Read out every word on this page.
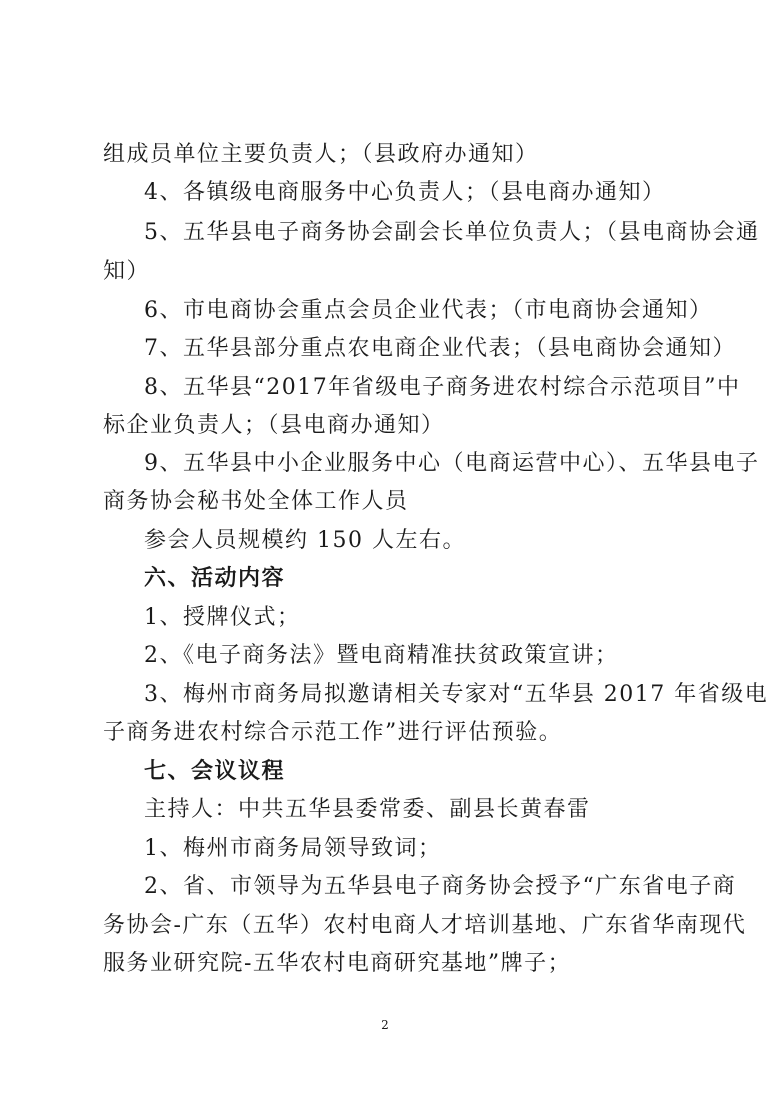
组成员单位主要负责人；（县政府办通知）
4、各镇级电商服务中心负责人；（县电商办通知）
5、五华县电子商务协会副会长单位负责人；（县电商协会通
知）
6、市电商协会重点会员企业代表；（市电商协会通知）
7、五华县部分重点农电商企业代表；（县电商协会通知）
8、五华县“2017年省级电子商务进农村综合示范项目”中
标企业负责人；（县电商办通知）
9、五华县中小企业服务中心（电商运营中心）、五华县电子
商务协会秘书处全体工作人员
参会人员规模约 150 人左右。
六、活动内容
1、授牌仪式；
2、《电子商务法》暨电商精准扶贫政策宣讲；
3、梅州市商务局拟邀请相关专家对“五华县 2017 年省级电
子商务进农村综合示范工作”进行评估预验。
七、会议议程
主持人：中共五华县委常委、副县长黄春雷
1、梅州市商务局领导致词；
2、省、市领导为五华县电子商务协会授予“广东省电子商
务协会-广东（五华）农村电商人才培训基地、广东省华南现代
服务业研究院-五华农村电商研究基地”牌子；
2
